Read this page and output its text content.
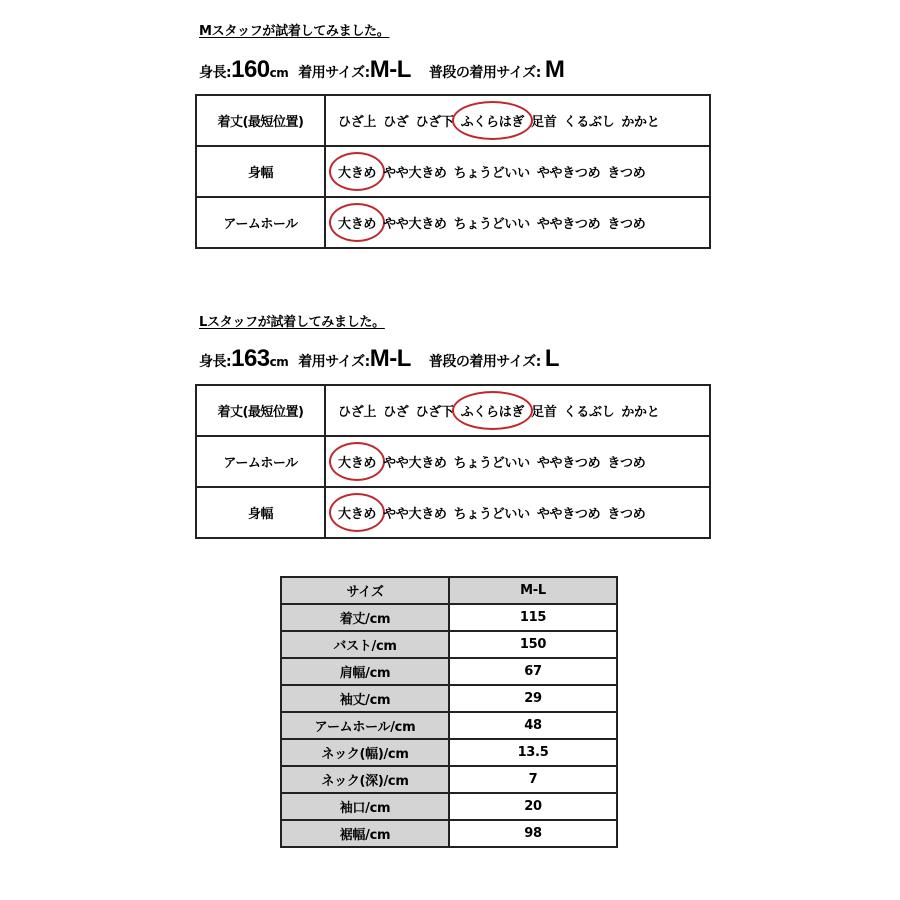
Mスタッフが試着してみました。
身長: 160 cm 着用サイズ: M-L 普段の着用サイズ: M
着丈(最短位置)	ひざ上 ひざ ひざ下 ふくらはぎ 足首 くるぶし かかと
身幅	大きめ やや大きめ ちょうどいい ややきつめ きつめ
アームホール	大きめ やや大きめ ちょうどいい ややきつめ きつめ
Lスタッフが試着してみました。
身長: 163 cm 着用サイズ: M-L 普段の着用サイズ: L
着丈(最短位置)	ひざ上 ひざ ひざ下 ふくらはぎ 足首 くるぶし かかと
アームホール	大きめ やや大きめ ちょうどいい ややきつめ きつめ
身幅	大きめ やや大きめ ちょうどいい ややきつめ きつめ
サイズ	M-L
着丈/cm	115
バスト/cm	150
肩幅/cm	67
袖丈/cm	29
アームホール/cm	48
ネック(幅)/cm	13.5
ネック(深)/cm	7
袖口/cm	20
裾幅/cm	98
